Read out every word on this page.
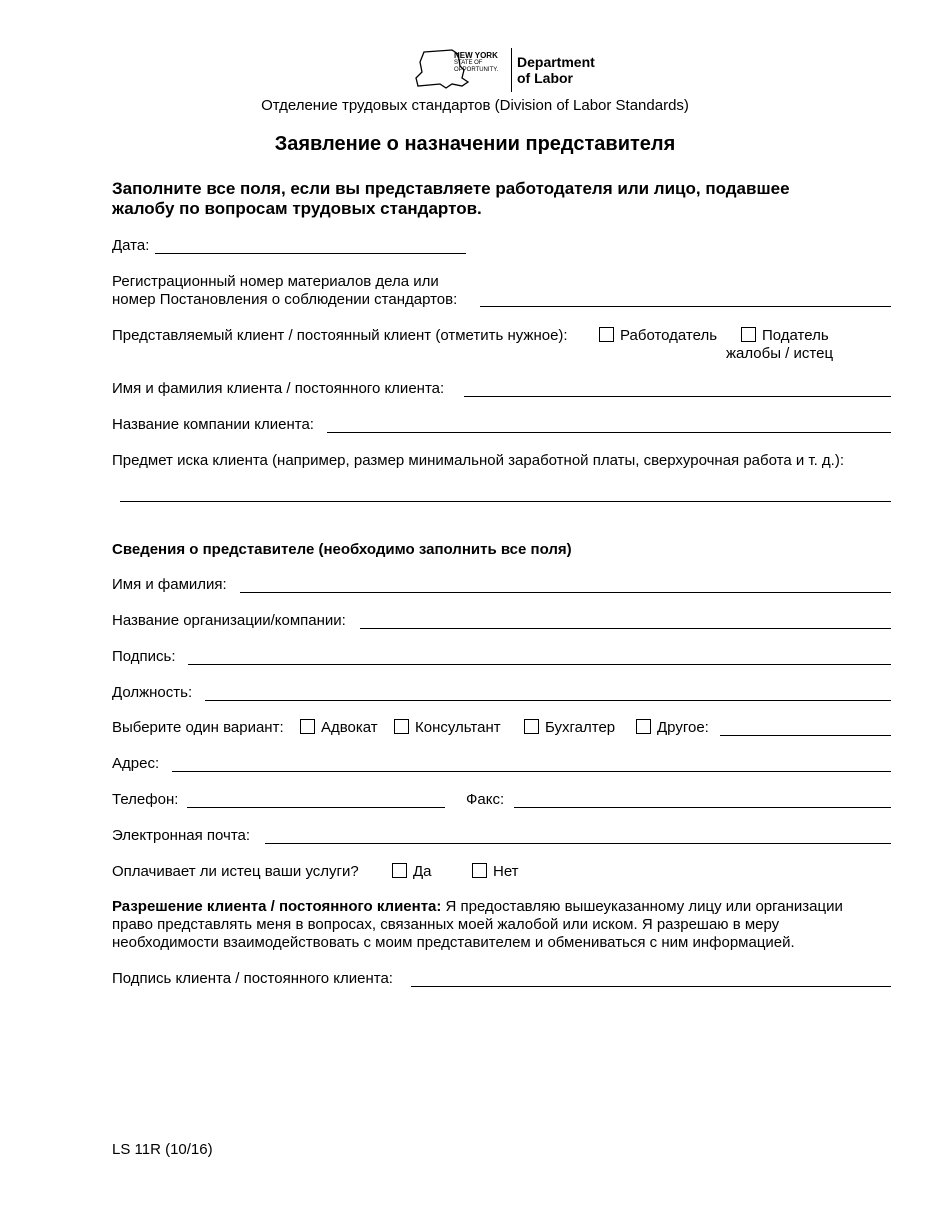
NEW YORK
STATE OF
OPPORTUNITY. Department
of Labor
Отделение трудовых стандартов (Division of Labor Standards)
Заявление о назначении представителя
Заполните все поля, если вы представляете работодателя или лицо, подавшее
жалобу по вопросам трудовых стандартов.
Дата:
Регистрационный номер материалов дела или
номер Постановления о соблюдении стандартов:
Представляемый клиент / постоянный клиент (отметить нужное):	Работодатель	Податель
жалобы / истец
Имя и фамилия клиента / постоянного клиента:
Название компании клиента:
Предмет иска клиента (например, размер минимальной заработной платы, сверхурочная работа и т. д.):
Сведения о представителе (необходимо заполнить все поля)
Имя и фамилия:
Название организации/компании:
Подпись:
Должность:
Выберите один вариант:	Адвокат	Консультант	Бухгалтер	Другое:
Адрес:
Телефон:	Факс:
Электронная почта:
Оплачивает ли истец ваши услуги?	Да	Нет
Разрешение клиента / постоянного клиента: Я предоставляю вышеуказанному лицу или организации
право представлять меня в вопросах, связанных моей жалобой или иском. Я разрешаю в меру
необходимости взаимодействовать с моим представителем и обмениваться с ним информацией.
Подпись клиента / постоянного клиента:
LS 11R (10/16)
